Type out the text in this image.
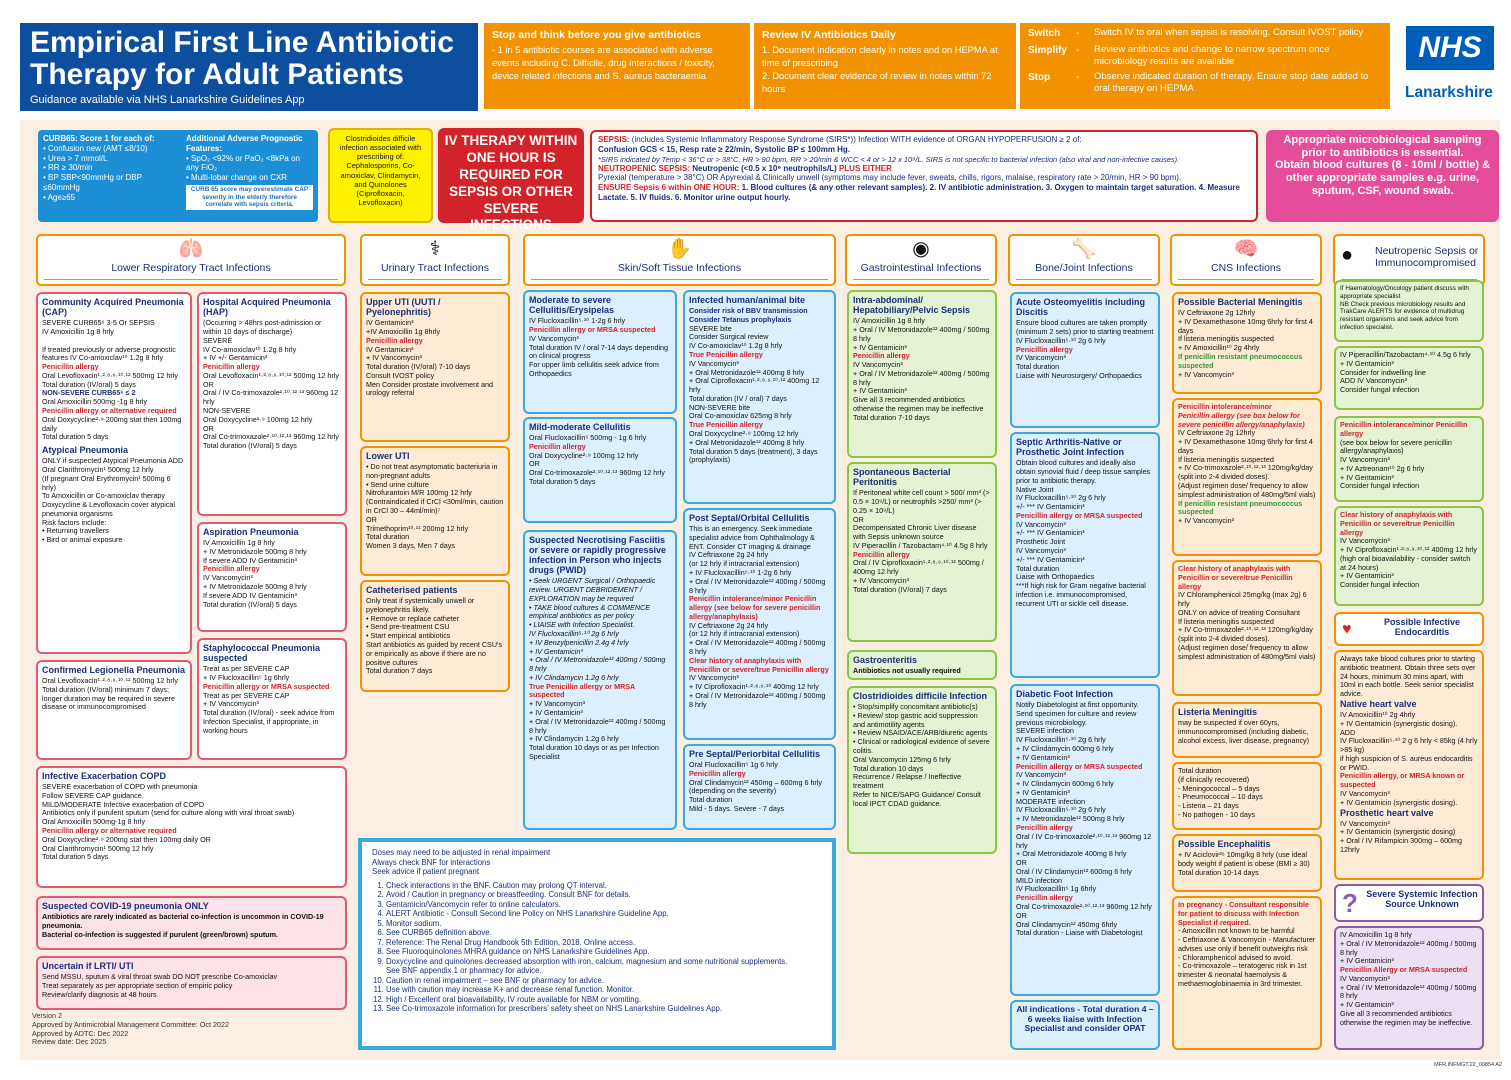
Empirical First Line Antibiotic
Therapy for Adult Patients
Guidance available via NHS Lanarkshire Guidelines App
Stop and think before you give antibiotics
- 1 in 5 antibiotic courses are associated with adverse events including C. Difficile, drug interactions / toxicity, device related infections and S. aureus bacteraemia
Review IV Antibiotics Daily
1. Document indication clearly in notes and on HEPMA at time of prescribing
2. Document clear evidence of review in notes within 72 hours
Switch	-	Switch IV to oral when sepsis is resolving. Consult IVOST policy
Simplify -	Review antibiotics and change to narrow spectrum once microbiology results are available
Stop	-	Observe indicated duration of therapy. Ensure stop date added to oral therapy on HEPMA
NHS
Lanarkshire
CURB65: Score 1 for each of:
• Confusion new (AMT ≤8/10)
• Urea > 7 mmol/L
• RR ≥ 30/min
• BP SBP<90mmHg or DBP ≤60mmHg
• Age≥65
Additional Adverse Prognostic Features:
• SpO₂ <92% or PaO₂ <8kPa on any FiO₂
• Multi-lobar change on CXR
CURB 65 score may overestimate CAP severity in the elderly therefore correlate with sepsis criteria.
Clostridioides difficile infection associated with prescribing of: Cephalosporins, Co-amoxiclav, Clindamycin, and Quinolones (Ciprofloxacin, Levofloxacin)
IV THERAPY WITHIN ONE HOUR IS REQUIRED FOR SEPSIS OR OTHER SEVERE INFECTIONS
SEPSIS: (includes Systemic Inflammatory Response Syndrome (SIRS*)) Infection WITH evidence of ORGAN HYPOPERFUSION ≥ 2 of:
Confusion GCS < 15, Resp rate ≥ 22/min, Systolic BP ≤ 100mm Hg.
*SIRS indicated by Temp < 36°C or > 38°C, HR > 90 bpm, RR > 20/min & WCC < 4 or > 12 x 10⁹/L. SIRS is not specific to bacterial infection (also viral and non-infective causes).
NEUTROPENIC SEPSIS: Neutropenic (<0.5 x 10⁹ neutrophils/L) PLUS EITHER
Pyrexial (temperature > 38°C) OR Apyrexial & Clinically unwell (symptoms may include fever, sweats, chills, rigors, malaise, respiratory rate > 20/min, HR > 90 bpm).
ENSURE Sepsis 6 within ONE HOUR: 1. Blood cultures (& any other relevant samples). 2. IV antibiotic administration. 3. Oxygen to maintain target saturation. 4. Measure Lactate. 5. IV fluids. 6. Monitor urine output hourly.
Appropriate microbiological sampling prior to antibiotics is essential.
Obtain blood cultures (8 - 10ml / bottle) & other appropriate samples e.g. urine, sputum, CSF, wound swab.
🫁
Lower Respiratory Tract Infections
⚕
Urinary Tract Infections
✋
Skin/Soft Tissue Infections
◉
Gastrointestinal Infections
🦴
Bone/Joint Infections
🧠
CNS Infections
● Neutropenic Sepsis or Immunocompromised
Community Acquired Pneumonia (CAP)
SEVERE CURB65⁶ 3-5 Or SEPSIS
IV Amoxicillin 1g 8 hrly

If treated previously or adverse prognostic features IV Co-amoxiclav¹⁰ 1.2g 8 hrly
Penicillin allergy
Oral Levofloxacin¹·²·⁸·⁹·¹⁰·¹² 500mg 12 hrly
Total duration (IV/oral) 5 days
NON-SEVERE CURB65⁶ ≤ 2
Oral Amoxicillin 500mg -1g 8 hrly
Penicillin allergy or alternative required
Oral Doxycycline²·⁹ 200mg stat then 100mg daily
Total duration 5 days
Atypical Pneumonia
ONLY if suspected Atypical Pneumonia ADD
Oral Clarithromycin¹ 500mg 12 hrly
(If pregnant Oral Erythromycin¹ 500mg 6 hrly)
To Amoxicillin or Co-amoxiclav therapy
Doxycycline & Levofloxacin cover atypical pneumonia organisms
Risk factors include:
• Returning travellers
• Bird or animal exposure
Hospital Acquired Pneumonia (HAP)
(Occurring > 48hrs post-admission or within 10 days of discharge)
SEVERE
IV Co-amoxiclav¹⁰ 1.2g 8 hrly
+ IV +/- Gentamicin³
Penicillin allergy
Oral Levofloxacin¹·²·⁸·⁹·¹⁰·¹² 500mg 12 hrly
OR
Oral / IV Co-trimoxazole²·¹⁰·¹²·¹³ 960mg 12 hrly
NON-SEVERE
Oral Doxycycline²·⁹ 100mg 12 hrly
OR
Oral Co-trimoxazole²·¹⁰·¹²·¹³ 960mg 12 hrly
Total duration (IV/oral) 5 days
Aspiration Pneumonia
IV Amoxicillin 1g 8 hrly
+ IV Metronidazole 500mg 8 hrly
If severe ADD IV Gentamicin³
Penicillin allergy
IV Vancomycin³
+ IV Metronidazole 500mg 8 hrly
If severe ADD IV Gentamicin³
Total duration (IV/oral) 5 days
Confirmed Legionella Pneumonia
Oral Levofloxacin¹·²·⁸·⁹·¹⁰·¹² 500mg 12 hrly
Total duration (IV/oral) minimum 7 days; longer duration may be required in severe disease or immunocompromised
Staphylococcal Pneumonia suspected
Treat as per SEVERE CAP
+ IV Flucloxacillin⁵ 1g 6hrly
Penicillin allergy or MRSA suspected
Treat as per SEVERE CAP
+ IV Vancomycin³
Total duration (IV/oral) - seek advice from Infection Specialist, if appropriate, in working hours
Infective Exacerbation COPD
SEVERE exacerbation of COPD with pneumonia
Follow SEVERE CAP guidance.
MILD/MODERATE Infective exacerbation of COPD
Antibiotics only if purulent sputum (send for culture along with viral throat swab)
Oral Amoxicillin 500mg-1g 8 hrly
Penicillin allergy or alternative required
Oral Doxycycline²·⁹ 200mg stat then 100mg daily OR
Oral Clarithromycin¹ 500mg 12 hrly
Total duration 5 days
Suspected COVID-19 pneumonia ONLY
Antibiotics are rarely indicated as bacterial co-infection is uncommon in COVID-19 pneumonia.
Bacterial co-infection is suggested if purulent (green/brown) sputum.
Uncertain if LRTI/ UTI
Send MSSU, sputum & viral throat swab DO NOT prescribe Co-amoxiclav
Treat separately as per appropriate section of empiric policy
Review/clarify diagnosis at 48 hours
Upper UTI (UUTI / Pyelonephritis)
IV Gentamicin³
+IV Amoxicillin 1g 8hrly
Penicillin allergy
IV Gentamicin³
+ IV Vancomycin³
Total duration (IV/oral) 7-10 days
Consult IVOST policy
Men Consider prostate involvement and urology referral
Lower UTI
• Do not treat asymptomatic bacteriuria in non-pregnant adults
• Send urine culture
Nitrofurantoin M/R 100mg 12 hrly (Contraindicated if CrCl <30ml/min, caution in CrCl 30 – 44ml/min)⁷
OR
Trimethoprim¹⁰·¹¹ 200mg 12 hrly
Total duration
Women 3 days, Men 7 days
Catheterised patients
Only treat if systemically unwell or pyelonephritis likely.
• Remove or replace catheter
• Send pre-treatment CSU
• Start empirical antibiotics
Start antibiotics as guided by recent CSU's or empirically as above if there are no positive cultures
Total duration 7 days
Moderate to severe Cellulitis/Erysipelas
IV Flucloxacillin⁵·¹⁰ 1-2g 6 hrly
Penicillin allergy or MRSA suspected
IV Vancomycin³
Total duration IV / oral 7-14 days depending on clinical progress
For upper limb cellulitis seek advice from Orthopaedics
Mild-moderate Cellulitis
Oral Flucloxacillin⁵ 500mg - 1g 6 hrly
Penicillin allergy
Oral Doxycycline²·⁹ 100mg 12 hrly
OR
Oral Co-trimoxazole²·¹⁰·¹²·¹³ 960mg 12 hrly
Total duration 5 days
Suspected Necrotising Fasciitis or severe or rapidly progressive infection in Person who injects drugs (PWID)
• Seek URGENT Surgical / Orthopaedic review. URGENT DEBRIDEMENT / EXPLORATION may be required
• TAKE blood cultures & COMMENCE empirical antibiotics as per policy
• LIAISE with Infection Specialist.
IV Flucloxacillin⁵·¹⁰ 2g 6 hrly
+ IV Benzylpenicillin 2.4g 4 hrly
+ IV Gentamicin³
+ Oral / IV Metronidazole¹² 400mg / 500mg 8 hrly
+ IV Clindamycin 1.2g 6 hrly
True Penicillin allergy or MRSA suspected
+ IV Vancomycin³
+ IV Gentamicin³
+ Oral / IV Metronidazole¹² 400mg / 500mg 8 hrly
+ IV Clindamycin 1.2g 6 hrly
Total duration 10 days or as per Infection Specialist
Infected human/animal bite
Consider risk of BBV transmission
Consider Tetanus prophylaxis
SEVERE bite
Consider Surgical review
IV Co-amoxiclav¹⁰ 1.2g 8 hrly
True Penicillin allergy
IV Vancomycin³
+ Oral Metronidazole¹² 400mg 8 hrly
+ Oral Ciprofloxacin¹·²·⁸·⁹·¹⁰·¹² 400mg 12 hrly
Total duration (IV / oral) 7 days
NON-SEVERE bite
Oral Co-amoxiclav 625mg 8 hrly
True Penicillin allergy
Oral Doxycycline²·⁹ 100mg 12 hrly
+ Oral Metronidazole¹² 400mg 8 hrly
Total duration 5 days (treatment), 3 days (prophylaxis)
Post Septal/Orbital Cellulitis
This is an emergency. Seek immediate specialist advice from Ophthalmology & ENT. Consider CT imaging & drainage
IV Ceftriaxone 2g 24 hrly
(or 12 hrly if intracranial extension)
+ IV Flucloxacillin⁵·¹⁰ 1-2g 6 hrly
+ Oral / IV Metronidazole¹² 400mg / 500mg 8 hrly
Penicillin intolerance/minor Penicillin allergy (see below for severe penicillin allergy/anaphylaxis)
IV Ceftriaxone 2g 24 hrly
(or 12 hrly if intracranial extension)
+ Oral / IV Metronidazole¹² 400mg / 500mg 8 hrly
Clear history of anaphylaxis with Penicillin or severe/true Penicillin allergy
IV Vancomycin³
+ IV Ciprofloxacin¹·²·⁸·⁹·¹⁰ 400mg 12 hrly
+ Oral / IV Metronidazole¹² 400mg / 500mg 8 hrly
Pre Septal/Periorbital Cellulitis
Oral Flucloxacillin⁵ 1g 6 hrly
Penicillin allergy
Oral Clindamycin¹² 450mg – 600mg 6 hrly (depending on the severity)
Total duration
Mild - 5 days. Severe - 7 days
Doses may need to be adjusted in renal impairment
Always check BNF for interactions
Seek advice if patient pregnant
1. Check interactions in the BNF. Caution may prolong QT interval.
2. Avoid / Caution in pregnancy or breastfeeding. Consult BNF for details.
3. Gentamicin/Vancomycin refer to online calculators.
4. ALERT Antibiotic - Consult Second line Policy on NHS Lanarkshire Guideline App.
5. Monitor sodium.
6. See CURB65 definition above.
7. Reference: The Renal Drug Handbook 5th Edition, 2018. Online access.
8. See Fluoroquinolones MHRA guidance on NHS Lanarkshire Guidelines App.
9. Doxycycline and quinolones decreased absorption with iron, calcium, magnesium and some nutritional supplements.
See BNF appendix 1 or pharmacy for advice.
10. Caution in renal impairment – see BNF or pharmacy for advice.
11. Use with caution may increase K+ and decrease renal function. Monitor.
12. High / Excellent oral bioavailability, IV route available for NBM or vomiting.
13. See Co-trimoxazole information for prescribers' safety sheet on NHS Lanarkshire Guidelines App.
Intra-abdominal/ Hepatobiliary/Pelvic Sepsis
IV Amoxicillin 1g 8 hrly
+ Oral / IV Metronidazole¹² 400mg / 500mg 8 hrly
+ IV Gentamicin³
Penicillin allergy
IV Vancomycin³
+ Oral / IV Metronidazole¹² 400mg / 500mg 8 hrly
+ IV Gentamicin³
Give all 3 recommended antibiotics otherwise the regimen may be ineffective
Total duration 7-10 days
Spontaneous Bacterial Peritonitis
If Peritoneal white cell count > 500/ mm³ (> 0.5 × 10⁹/L) or neutrophils >250/ mm³ (> 0.25 × 10⁹/L)
OR
Decompensated Chronic Liver disease with Sepsis unknown source
IV Piperacillin / Tazobactam⁴·¹⁰ 4.5g 8 hrly
Penicillin allergy
Oral / IV Ciprofloxacin¹·²·⁸·⁹·¹⁰·¹² 500mg / 400mg 12 hrly
+ IV Vancomycin³
Total duration (IV/oral) 7 days
Gastroenteritis
Antibiotics not usually required
Clostridioides difficile Infection
• Stop/simplify concomitant antibiotic(s)
• Review/ stop gastric acid suppression and antimotility agents
• Review NSAID/ACE/ARB/diuretic agents
• Clinical or radiological evidence of severe colitis.
Oral Vancomycin 125mg 6 hrly
Total duration 10 days
Recurrence / Relapse / Ineffective treatment
Refer to NICE/SAPG Guidance/ Consult local IPCT CDAD guidance.
Acute Osteomyelitis including Discitis
Ensure blood cultures are taken promptly (minimum 2 sets) prior to starting treatment
IV Flucloxacillin⁵·¹⁰ 2g 6 hrly
Penicillin allergy
IV Vancomycin³
Total duration
Liaise with Neurosurgery/ Orthopaedics
Septic Arthritis-Native or Prosthetic Joint Infection
Obtain blood cultures and ideally also obtain synovial fluid / deep tissue samples prior to antibiotic therapy.
Native Joint
IV Flucloxacillin⁵·¹⁰ 2g 6 hrly
+/- *** IV Gentamicin³
Penicillin allergy or MRSA suspected
IV Vancomycin³
+/- *** IV Gentamicin³
Prosthetic Joint
IV Vancomycin³
+/- *** IV Gentamicin³
Total duration
Liaise with Orthopaedics
***If high risk for Gram negative bacterial infection i.e. immunocompromised, recurrent UTI or sickle cell disease.
Diabetic Foot Infection
Notify Diabetologist at first opportunity. Send specimen for culture and review previous microbiology.
SEVERE infection
IV Flucloxacillin⁵·¹⁰ 2g 6 hrly
+ IV Clindamycin 600mg 6 hrly
+ IV Gentamicin³
Penicillin allergy or MRSA suspected
IV Vancomycin³
+ IV Clindamycin 600mg 6 hrly
+ IV Gentamicin³
MODERATE infection
IV Flucloxacillin⁵·¹⁰ 2g 6 hrly
+ IV Metronidazole¹² 500mg 8 hrly
Penicillin allergy
Oral / IV Co-trimoxazole²·¹⁰·¹²·¹³ 960mg 12 hrly
+ Oral Metronidazole 400mg 8 hrly
OR
Oral / IV Clindamycin¹² 600mg 6 hrly
MILD infection
IV Flucloxacillin⁵ 1g 6hrly
Penicillin allergy
Oral Co-trimoxazole²·¹⁰·¹²·¹³ 960mg 12 hrly OR
Oral Clindamycin¹² 450mg 6hrly
Total duration - Liaise with Diabetologist
All indications - Total duration 4 – 6 weeks liaise with Infection Specialist and consider OPAT
Possible Bacterial Meningitis
IV Ceftriaxone 2g 12hrly
+ IV Dexamethasone 10mg 6hrly for first 4 days
If listeria meningitis suspected
+ IV Amoxicillin¹⁰ 2g 4hrly
If penicillin resistant pneumococcus suspected
+ IV Vancomycin³
Penicillin intolerance/minor
Penicillin allergy (see box below for severe penicillin allergy/anaphylaxis)
IV Ceftriaxone 2g 12hrly
+ IV Dexamethasone 10mg 6hrly for first 4 days
If listeria meningitis suspected
+ IV Co-trimoxazole²·¹⁰·¹²·¹³ 120mg/kg/day
(split into 2-4 divided doses).
(Adjust regimen dose/ frequency to allow simplest administration of 480mg/5ml vials)
If penicillin resistant pneumococcus suspected
+ IV Vancomycin³
Clear history of anaphylaxis with Penicillin or severe/true Penicillin allergy
IV Chloramphenicol 25mg/kg (max 2g) 6 hrly
ONLY on advice of treating Consultant
If listeria meningitis suspected
+ IV Co-trimoxazole²·¹⁰·¹²·¹³ 120mg/kg/day (split into 2-4 divided doses).
(Adjust regimen dose/ frequency to allow simplest administration of 480mg/5ml vials)
Listeria Meningitis
may be suspected if over 60yrs, immunocompromised (including diabetic, alcohol excess, liver disease, pregnancy)
Total duration
(if clinically recovered)
- Meningococcal – 5 days
- Pneumococcal – 10 days
- Listeria – 21 days
- No pathogen - 10 days
Possible Encephalitis
+ IV Aciclovir²⁶ 10mg/kg 8 hrly (use ideal body weight if patient is obese (BMI ≥ 30)
Total duration 10-14 days
In pregnancy - Consultant responsible for patient to discuss with Infection Specialist if required.
- Amoxicillin not known to be harmful
- Ceftriaxone & Vancomycin - Manufacturer advises use only if benefit outweighs risk
- Chloramphenicol advised to avoid.
- Co-trimoxazole – teratogenic risk in 1st trimester & neonatal haemolysis & methaemoglobinaemia in 3rd trimester.
If Haematology/Oncology patient discuss with appropriate specialist
NB Check previous microbiology results and TrakCare ALERTS for evidence of multidrug resistant organisms and seek advice from infection specialist.
IV Piperacillin/Tazobactam⁴·¹⁰ 4.5g 6 hrly
+ IV Gentamicin³
Consider for indwelling line
ADD IV Vancomycin³
Consider fungal infection
Penicillin intolerance/minor Penicillin allergy
(see box below for severe penicillin allergy/anaphylaxis)
IV Vancomycin³
+ IV Aztreonam¹⁰ 2g 6 hrly
+ IV Gentamicin³
Consider fungal infection
Clear history of anaphylaxis with Penicillin or severe/true Penicillin allergy
IV Vancomycin³
+ IV Ciprofloxacin¹·²·⁸·⁹·¹⁰·¹² 400mg 12 hrly
(high oral bioavailability - consider switch at 24 hours)
+ IV Gentamicin³
Consider fungal infection
♥	Possible Infective Endocarditis
Always take blood cultures prior to starting antibiotic treatment. Obtain three sets over 24 hours, minimum 30 mins apart, with 10ml in each bottle. Seek senior specialist advice.
Native heart valve
IV Amoxicillin¹⁰ 2g 4hrly
+ IV Gentamicin (synergistic dosing).
ADD
IV Flucloxacillin⁵·¹⁰ 2 g 6 hrly < 85kg (4 hrly >85 kg)
if high suspicion of S. aureus endocarditis or PWID.
Penicillin allergy, or MRSA known or suspected
IV Vancomycin³
+ IV Gentamicin (synergistic dosing).
Prosthetic heart valve
IV Vancomycin³
+ IV Gentamicin (synergistic dosing)
+ Oral / IV Rifampicin 300mg – 600mg 12hrly
? Severe Systemic Infection Source Unknown
IV Amoxicillin 1g 8 hrly
+ Oral / IV Metronidazole¹² 400mg / 500mg 8 hrly
+ IV Gentamicin³
Penicillin Allergy or MRSA suspected
IV Vancomycin³
+ Oral / IV Metronidazole¹² 400mg / 500mg 8 hrly
+ IV Gentamicin³
Give all 3 recommended antibiotics otherwise the regimen may be ineffective.
Version 2
Approved by Antimicrobial Management Committee: Oct 2022
Approved by ADTC: Dec 2022
Review date: Dec 2025
MFR.INFMGT.22_00854 A2
